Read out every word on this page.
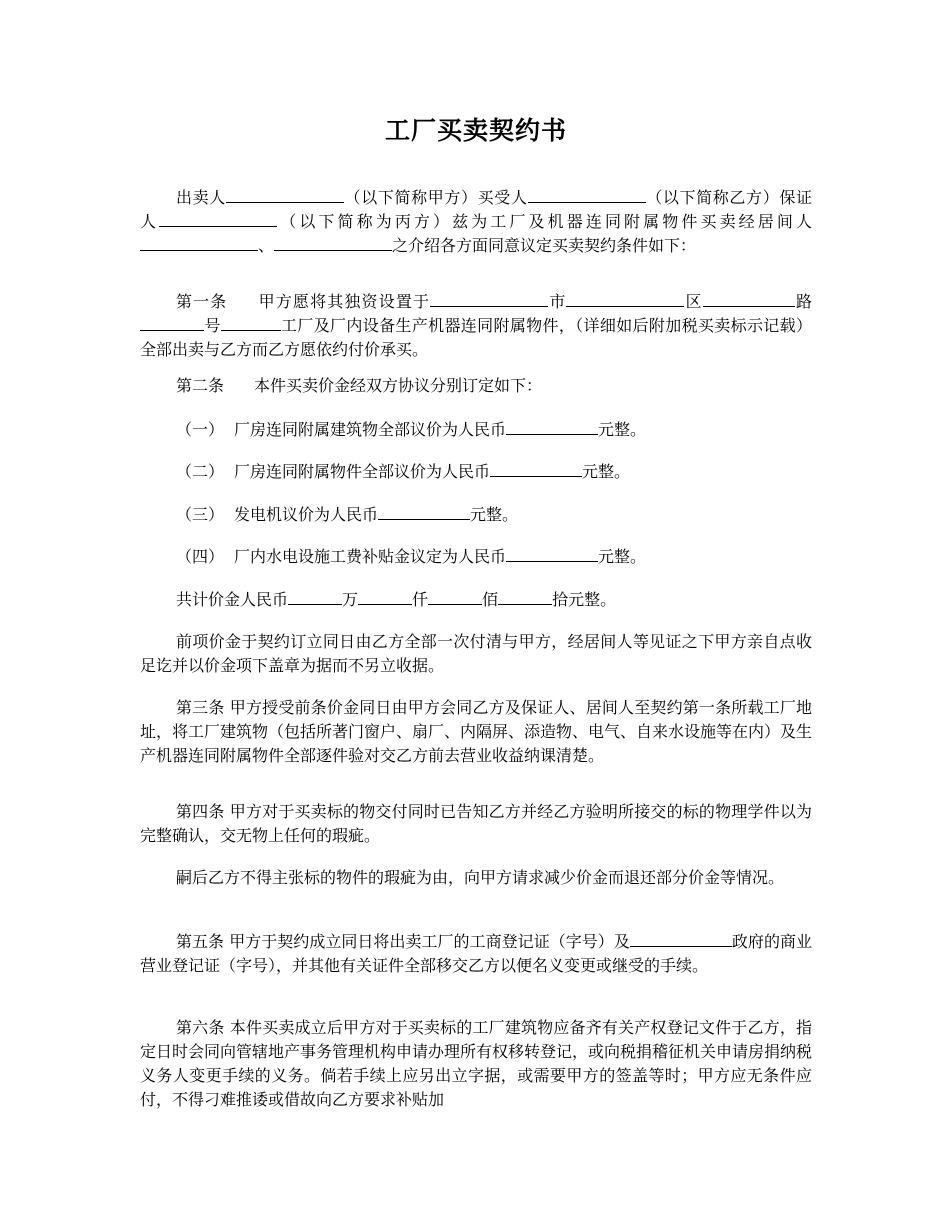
工厂买卖契约书
出卖人	（以下简称甲方）买受人	（以下简称乙方）保证人	（以下简称为丙方）兹为工厂及机器连同附属物件买卖经居间人、	之介绍各方面同意议定买卖契约条件如下：
第一条 甲方愿将其独资设置于	市	区	路号	工厂及厂内设备生产机器连同附属物件，（详细如后附加税买卖标示记载）全部出卖与乙方而乙方愿依约付价承买。
第二条 本件买卖价金经双方协议分别订定如下：
（一） 厂房连同附属建筑物全部议价为人民币	元整。
（二） 厂房连同附属物件全部议价为人民币	元整。
（三） 发电机议价为人民币	元整。
（四） 厂内水电设施工费补贴金议定为人民币	元整。
共计价金人民币	万	仟	佰	拾元整。
前项价金于契约订立同日由乙方全部一次付清与甲方，经居间人等见证之下甲方亲自点收足讫并以价金项下盖章为据而不另立收据。
第三条 甲方授受前条价金同日由甲方会同乙方及保证人、居间人至契约第一条所载工厂地址，将工厂建筑物（包括所著门窗户、扇厂、内隔屏、添造物、电气、自来水设施等在内）及生产机器连同附属物件全部逐件验对交乙方前去营业收益纳课清楚。
第四条 甲方对于买卖标的物交付同时已告知乙方并经乙方验明所接交的标的物理学件以为完整确认，交无物上任何的瑕疵。
嗣后乙方不得主张标的物件的瑕疵为由，向甲方请求减少价金而退还部分价金等情况。
第五条 甲方于契约成立同日将出卖工厂的工商登记证（字号）及	政府的商业营业登记证（字号），并其他有关证件全部移交乙方以便名义变更或继受的手续。
第六条 本件买卖成立后甲方对于买卖标的工厂建筑物应备齐有关产权登记文件于乙方，指定日时会同向管辖地产事务管理机构申请办理所有权移转登记，或向税捐稽征机关申请房捐纳税义务人变更手续的义务。倘若手续上应另出立字据，或需要甲方的签盖等时；甲方应无条件应付，不得刁难推诿或借故向乙方要求补贴加
